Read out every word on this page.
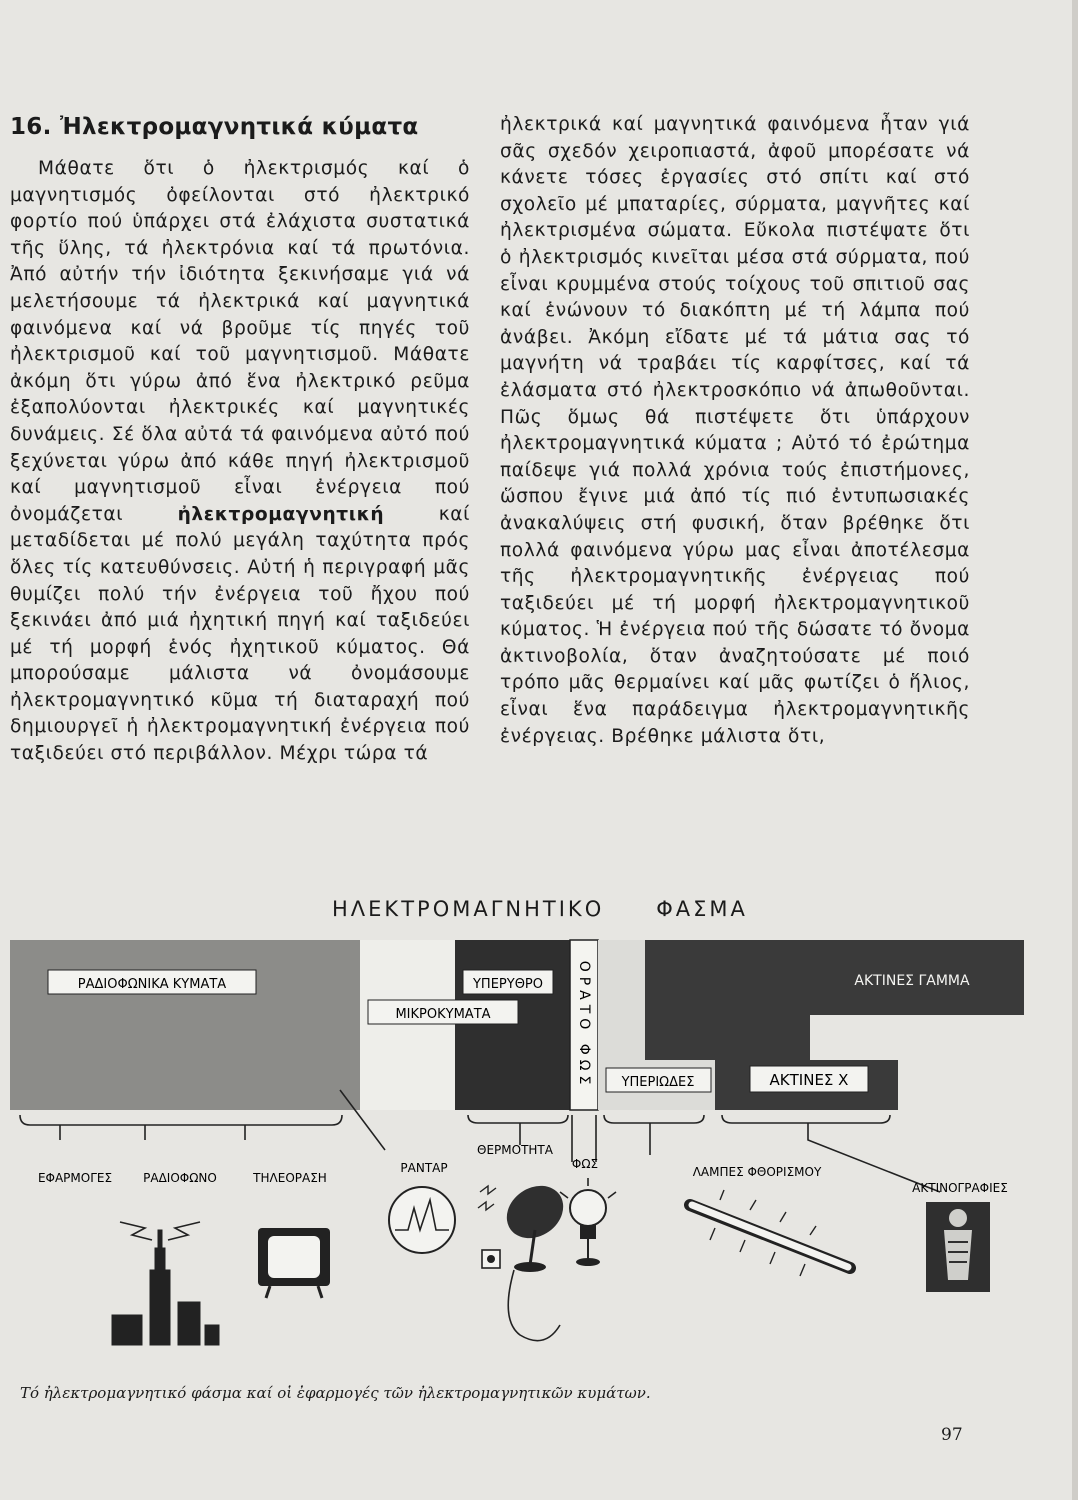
16. Ἠλεκτρομαγνητικά κύματα

Μάθατε ὅτι ὁ ἠλεκτρισμός καί ὁ μαγνητισμός ὀφείλονται στό ἠλεκτρικό φορτίο πού ὑπάρχει στά ἐλάχιστα συστατικά τῆς ὕλης, τά ἠλεκτρόνια καί τά πρωτόνια. Ἀπό αὐτήν τήν ἰδιότητα ξεκινήσαμε γιά νά μελετήσουμε τά ἠλεκτρικά καί μαγνητικά φαινόμενα καί νά βροῦμε τίς πηγές τοῦ ἠλεκτρισμοῦ καί τοῦ μαγνητισμοῦ. Μάθατε ἀκόμη ὅτι γύρω ἀπό ἕνα ἠλεκτρικό ρεῦμα ἐξαπολύονται ἠλεκτρικές καί μαγνητικές δυνάμεις. Σέ ὅλα αὐτά τά φαινόμενα αὐτό πού ξεχύνεται γύρω ἀπό κάθε πηγή ἠλεκτρισμοῦ καί μαγνητισμοῦ εἶναι ἐνέργεια πού ὀνομάζεται	ἠλεκτρομαγνητική	καί μεταδίδεται μέ πολύ μεγάλη ταχύτητα πρός ὅλες τίς κατευθύνσεις. Αὐτή ἡ περιγραφή μᾶς θυμίζει πολύ τήν ἐνέργεια τοῦ ἤχου πού ξεκινάει ἀπό μιά ἠχητική πηγή καί ταξιδεύει μέ τή μορφή ἑνός ἠχητικοῦ κύματος. Θά μπορούσαμε μάλιστα νά ὀνομάσουμε ἠλεκτρομαγνητικό κῦμα τή διαταραχή πού δημιουργεῖ ἡ ἠλεκτρομαγνητική ἐνέργεια πού ταξιδεύει στό περιβάλλον. Μέχρι τώρα τά

ἠλεκτρικά καί μαγνητικά φαινόμενα ἦταν γιά σᾶς σχεδόν χειροπιαστά, ἀφοῦ μπορέσατε νά κάνετε τόσες ἐργασίες στό σπίτι καί στό σχολεῖο μέ μπαταρίες, σύρματα, μαγνῆτες καί ἠλεκτρισμένα σώματα. Εὔκολα πιστέψατε ὅτι ὁ ἠλεκτρισμός κινεῖται μέσα στά σύρματα, πού εἶναι κρυμμένα στούς τοίχους τοῦ σπιτιοῦ σας καί ἑνώνουν τό διακόπτη μέ τή λάμπα πού ἀνάβει. Ἀκόμη εἴδατε μέ τά μάτια σας τό μαγνήτη νά τραβάει τίς καρφίτσες, καί τά ἐλάσματα στό ἠλεκτροσκόπιο νά ἀπωθοῦνται. Πῶς ὅμως θά πιστέψετε ὅτι ὑπάρχουν ἠλεκτρομαγνητικά κύματα ; Αὐτό τό ἐρώτημα παίδεψε γιά πολλά χρόνια τούς ἐπιστήμονες, ὥσπου ἔγινε μιά ἀπό τίς πιό ἐντυπωσιακές ἀνακαλύψεις στή φυσική, ὅταν βρέθηκε ὅτι πολλά φαινόμενα γύρω μας εἶναι ἀποτέλεσμα τῆς ἠλεκτρομαγνητικῆς ἐνέργειας πού ταξιδεύει μέ τή μορφή ἠλεκτρομαγνητικοῦ κύματος. Ἡ ἐνέργεια πού τῆς δώσατε τό ὄνομα ἀκτινοβολία, ὅταν ἀναζητούσατε μέ ποιό τρόπο μᾶς θερμαίνει καί μᾶς φωτίζει ὁ ἥλιος, εἶναι ἕνα παράδειγμα ἠλεκτρομαγνητικῆς ἐνέργειας. Βρέθηκε μάλιστα ὅτι,

ΗΛΕΚΤΡΟΜΑΓΝΗΤΙΚΟ ΦΑΣΜΑ
ΡΑΔΙΟΦΩΝΙΚΑ ΚΥΜΑΤΑ	ΥΠΕΡΥΘΡΟ
ΜΙΚΡΟΚΥΜΑΤΑ	ΟΡΑΤΟ ΦΩΣ ΥΠΕΡΙΩΔΕΣ	ΑΚΤΙΝΕΣ Χ
ΑΚΤΙΝΕΣ ΓΑΜΜΑ
ΕΦΑΡΜΟΓΕΣ	ΡΑΔΙΟΦΩΝΟ	ΤΗΛΕΟΡΑΣΗ
ΡΑΝΤΑΡ
ΘΕΡΜΟΤΗΤΑ
ΦΩΣ
ΛΑΜΠΕΣ ΦΘΟΡΙΣΜΟΥ
ΑΚΤΙΝΟΓΡΑΦΙΕΣ
Τό ἠλεκτρομαγνητικό φάσμα καί οἱ ἐφαρμογές τῶν ἠλεκτρομαγνητικῶν κυμάτων.
97
